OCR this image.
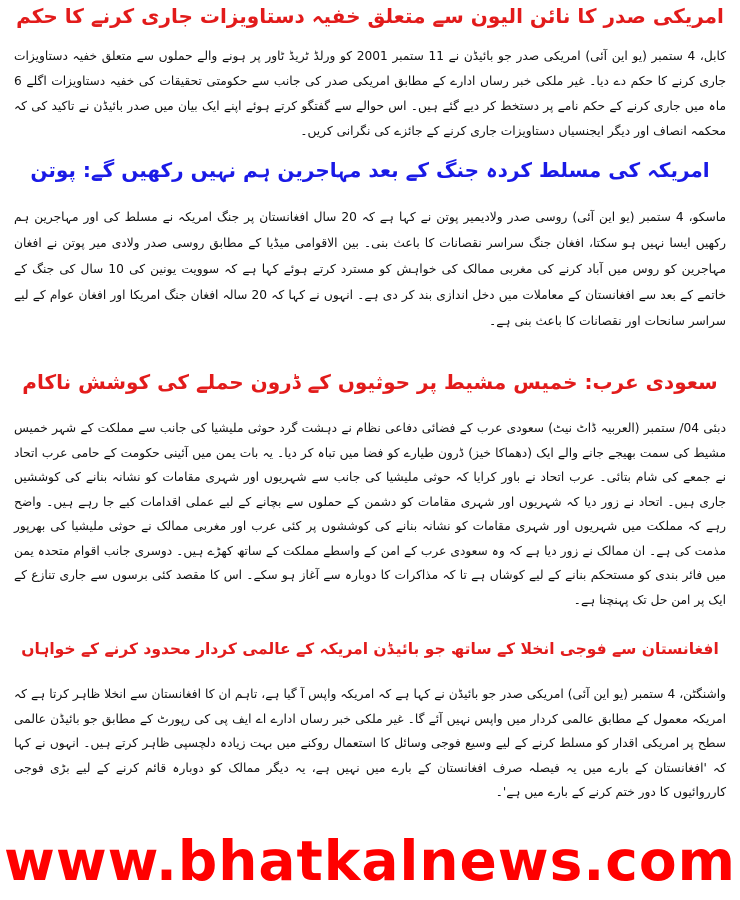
امریکی صدر کا نائن الیون سے متعلق خفیہ دستاویزات جاری کرنے کا حکم

کابل، 4 ستمبر (یو این آئی) امریکی صدر جو بائیڈن نے 11 ستمبر 2001 کو ورلڈ ٹریڈ ٹاور پر ہونے والے حملوں سے متعلق خفیہ دستاویزات جاری کرنے کا حکم دے دیا۔ غیر ملکی خبر رساں ادارے کے مطابق امریکی صدر کی جانب سے حکومتی تحقیقات کی خفیہ دستاویزات اگلے 6 ماہ میں جاری کرنے کے حکم نامے پر دستخط کر دیے گئے ہیں۔ اس حوالے سے گفتگو کرتے ہوئے اپنے ایک بیان میں صدر بائیڈن نے تاکید کی کہ محکمہ انصاف اور دیگر ایجنسیاں دستاویزات جاری کرنے کے جائزے کی نگرانی کریں۔

امریکہ کی مسلط کردہ جنگ کے بعد مہاجرین ہم نہیں رکھیں گے: پوتن

ماسکو، 4 ستمبر (یو این آئی) روسی صدر ولادیمیر پوتن نے کہا ہے کہ 20 سال افغانستان پر جنگ امریکہ نے مسلط کی اور مہاجرین ہم رکھیں ایسا نہیں ہو سکتا، افغان جنگ سراسر نقصانات کا باعث بنی۔ بین الاقوامی میڈیا کے مطابق روسی صدر ولادی میر پوتن نے افغان مہاجرین کو روس میں آباد کرنے کی مغربی ممالک کی خواہش کو مسترد کرتے ہوئے کہا ہے کہ سوویت یونین کی 10 سال کی جنگ کے خاتمے کے بعد سے افغانستان کے معاملات میں دخل اندازی بند کر دی ہے۔ انہوں نے کہا کہ 20 سالہ افغان جنگ امریکا اور افغان عوام کے لیے سراسر سانحات اور نقصانات کا باعث بنی ہے۔

سعودی عرب: خمیس مشیط پر حوثیوں کے ڈرون حملے کی کوشش ناکام

دبئی 04/ ستمبر (العربیہ ڈاٹ نیٹ) سعودی عرب کے فضائی دفاعی نظام نے دہشت گرد حوثی ملیشیا کی جانب سے مملکت کے شہر خمیس مشیط کی سمت بھیجے جانے والے ایک (دھماکا خیز) ڈرون طیارے کو فضا میں تباہ کر دیا۔ یہ بات یمن میں آئینی حکومت کے حامی عرب اتحاد نے جمعے کی شام بتائی۔ عرب اتحاد نے باور کرایا کہ حوثی ملیشیا کی جانب سے شہریوں اور شہری مقامات کو نشانہ بنانے کی کوششیں جاری ہیں۔ اتحاد نے زور دیا کہ شہریوں اور شہری مقامات کو دشمن کے حملوں سے بچانے کے لیے عملی اقدامات کیے جا رہے ہیں۔ واضح رہے کہ مملکت میں شہریوں اور شہری مقامات کو نشانہ بنانے کی کوششوں پر کئی عرب اور مغربی ممالک نے حوثی ملیشیا کی بھرپور مذمت کی ہے۔ ان ممالک نے زور دیا ہے کہ وہ سعودی عرب کے امن کے واسطے مملکت کے ساتھ کھڑے ہیں۔ دوسری جانب اقوام متحدہ یمن میں فائر بندی کو مستحکم بنانے کے لیے کوشاں ہے تا کہ مذاکرات کا دوبارہ سے آغاز ہو سکے۔ اس کا مقصد کئی برسوں سے جاری تنازع کے ایک پر امن حل تک پہنچنا ہے۔

افغانستان سے فوجی انخلا کے ساتھ جو بائیڈن امریکہ کے عالمی کردار محدود کرنے کے خواہاں

واشنگٹن، 4 ستمبر (یو این آئی) امریکی صدر جو بائیڈن نے کہا ہے کہ امریکہ واپس آ گیا ہے، تاہم ان کا افغانستان سے انخلا ظاہر کرتا ہے کہ امریکہ معمول کے مطابق عالمی کردار میں واپس نہیں آئے گا۔ غیر ملکی خبر رساں ادارے اے ایف پی کی رپورٹ کے مطابق جو بائیڈن عالمی سطح پر امریکی اقدار کو مسلط کرنے کے لیے وسیع فوجی وسائل کا استعمال روکنے میں بہت زیادہ دلچسپی ظاہر کرتے ہیں۔ انہوں نے کہا کہ 'افغانستان کے بارے میں یہ فیصلہ صرف افغانستان کے بارے میں نہیں ہے، یہ دیگر ممالک کو دوبارہ قائم کرنے کے لیے بڑی فوجی کارروائیوں کا دور ختم کرنے کے بارے میں ہے'۔

www.bhatkalnews.com
